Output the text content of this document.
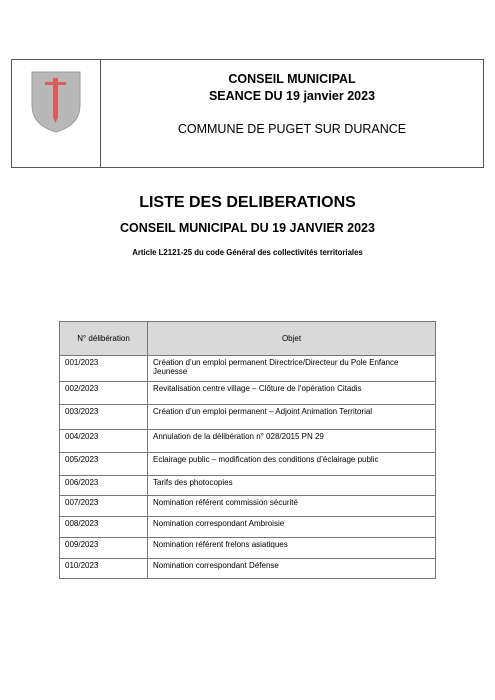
CONSEIL MUNICIPAL
SEANCE DU 19 janvier 2023
COMMUNE DE PUGET SUR DURANCE
LISTE DES DELIBERATIONS
CONSEIL MUNICIPAL DU 19 JANVIER 2023
Article L2121-25 du code Général des collectivités territoriales
N° délibération	Objet
001/2023	Création d’un emploi permanent Directrice/Directeur du Pole Enfance Jeunesse
002/2023	Revitalisation centre village – Clôture de l’opération Citadis
003/2023	Création d’un emploi permanent – Adjoint Animation Territorial
004/2023	Annulation de la délibération n° 028/2015 PN 29
005/2023	Eclairage public – modification des conditions d’éclairage public
006/2023	Tarifs des photocopies
007/2023	Nomination référent commission sécurité
008/2023	Nomination correspondant Ambroisie
009/2023	Nomination référent frelons asiatiques
010/2023	Nomination correspondant Défense
